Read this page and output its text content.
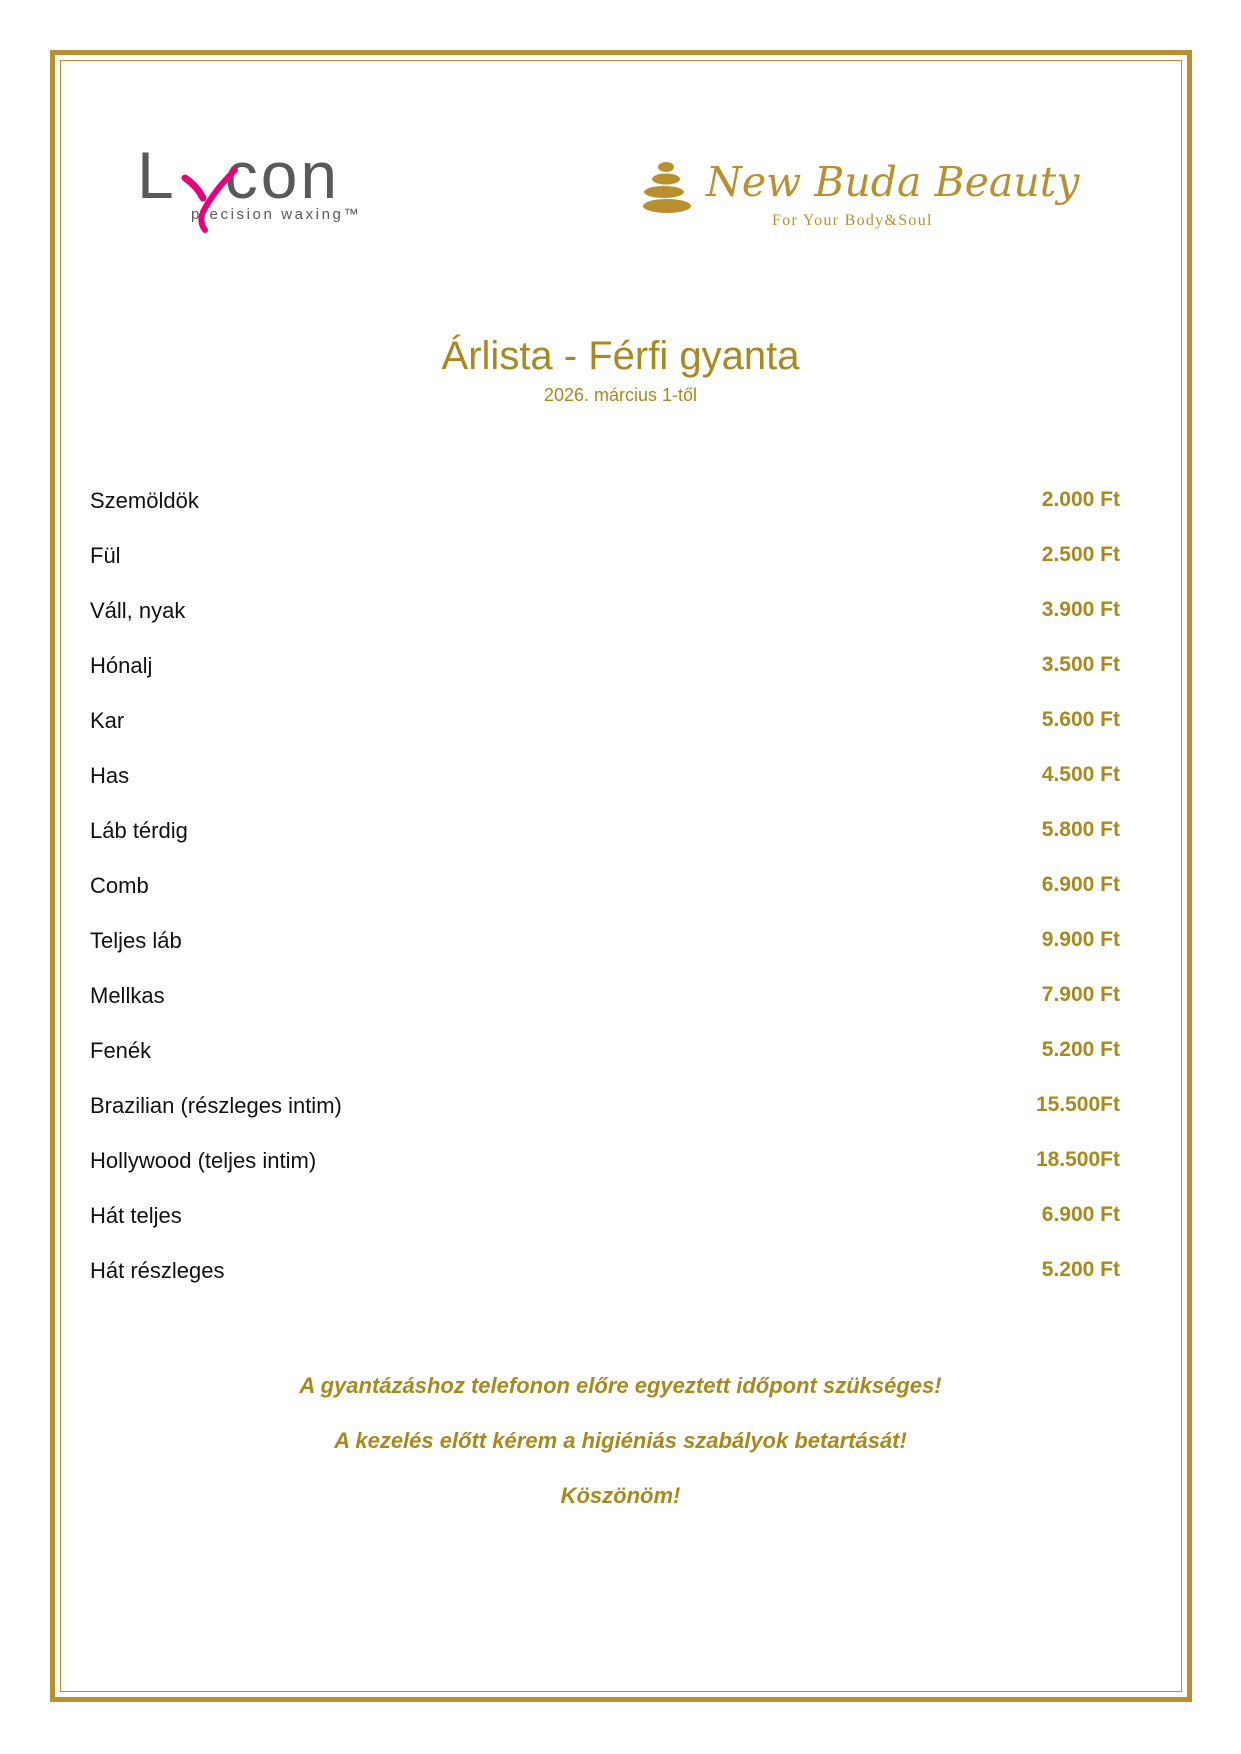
L con
precision waxing™
New Buda Beauty
For Your Body&Soul
Árlista - Férfi gyanta
2026. március 1-től
Szemöldök	2.000 Ft
Fül	2.500 Ft
Váll, nyak	3.900 Ft
Hónalj	3.500 Ft
Kar	5.600 Ft
Has	4.500 Ft
Láb térdig	5.800 Ft
Comb	6.900 Ft
Teljes láb	9.900 Ft
Mellkas	7.900 Ft
Fenék	5.200 Ft
Brazilian (részleges intim)	15.500Ft
Hollywood (teljes intim)	18.500Ft
Hát teljes	6.900 Ft
Hát részleges	5.200 Ft
A gyantázáshoz telefonon előre egyeztett időpont szükséges!
A kezelés előtt kérem a higiéniás szabályok betartását!
Köszönöm!
